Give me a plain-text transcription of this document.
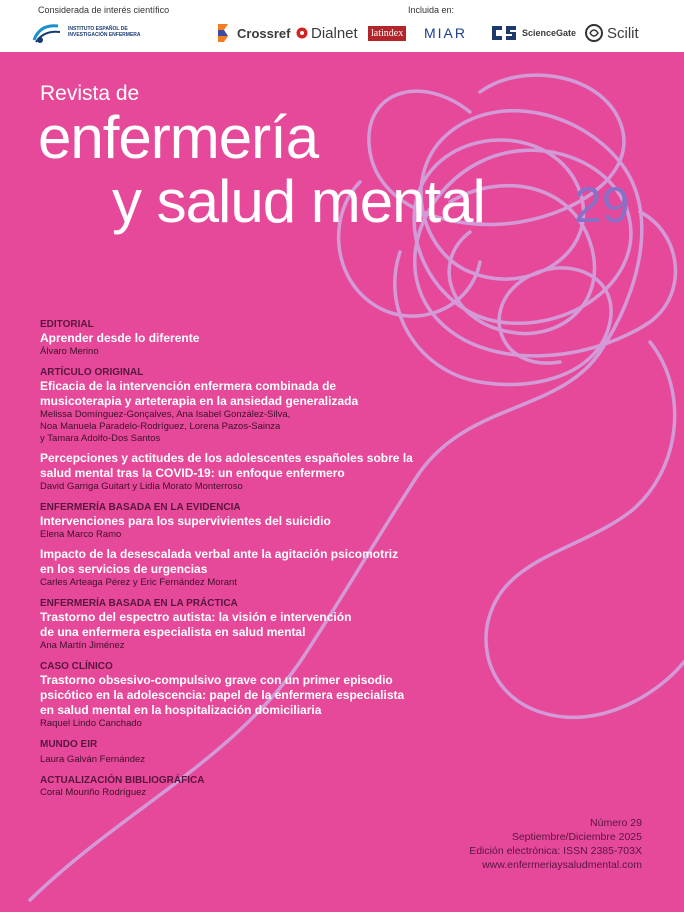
Considerada de interés científico
INSTITUTO ESPAÑOL DE
INVESTIGACIÓN ENFERMERA
Incluida en:
Crossref Dialnet	latindex MIAR	ScienceGate Scilit
Revista de
enfermería
y salud mental 29
EDITORIAL
Aprender desde lo diferente
Álvaro Merino
ARTÍCULO ORIGINAL
Eficacia de la intervención enfermera combinada de
musicoterapia y arteterapia en la ansiedad generalizada
Melissa Domínguez-Gonçalves, Ana Isabel González-Silva,
Noa Manuela Paradelo-Rodríguez, Lorena Pazos-Sainza
y Tamara Adolfo-Dos Santos
Percepciones y actitudes de los adolescentes españoles sobre la
salud mental tras la COVID-19: un enfoque enfermero
David Garriga Guitart y Lidia Morato Monterroso
ENFERMERÍA BASADA EN LA EVIDENCIA
Intervenciones para los supervivientes del suicidio
Elena Marco Ramo
Impacto de la desescalada verbal ante la agitación psicomotriz
en los servicios de urgencias
Carles Arteaga Pérez y Eric Fernández Morant
ENFERMERÍA BASADA EN LA PRÁCTICA
Trastorno del espectro autista: la visión e intervención
de una enfermera especialista en salud mental
Ana Martín Jiménez
CASO CLÍNICO
Trastorno obsesivo-compulsivo grave con un primer episodio
psicótico en la adolescencia: papel de la enfermera especialista
en salud mental en la hospitalización domiciliaria
Raquel Lindo Canchado
MUNDO EIR
Laura Galván Fernández
ACTUALIZACIÓN BIBLIOGRÁFICA
Coral Mouriño Rodríguez
Número 29
Septiembre/Diciembre 2025
Edición electrónica: ISSN 2385-703X
www.enfermeriaysaludmental.com
